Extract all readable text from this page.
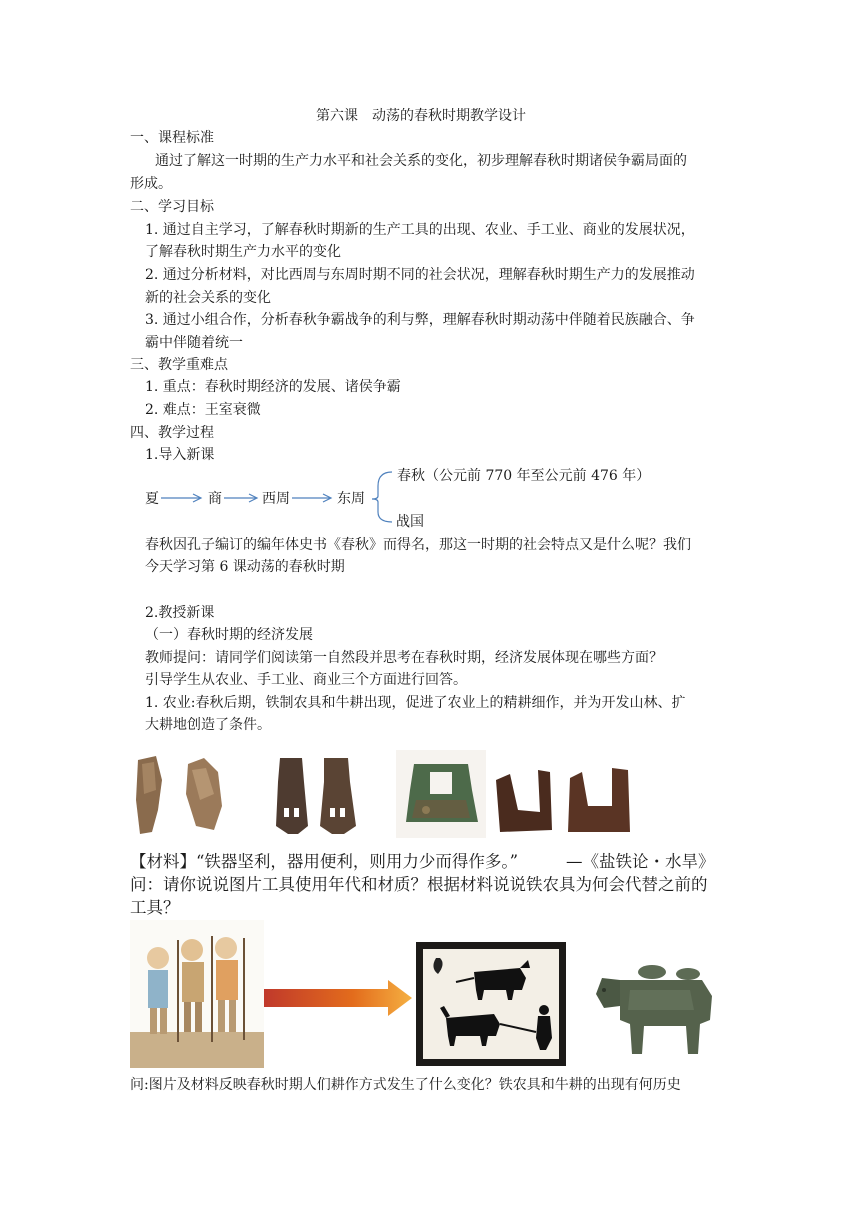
第六课　动荡的春秋时期教学设计
一、课程标准
通过了解这一时期的生产力水平和社会关系的变化，初步理解春秋时期诸侯争霸局面的
形成。
二、学习目标
1. 通过自主学习，了解春秋时期新的生产工具的出现、农业、手工业、商业的发展状况，
了解春秋时期生产力水平的变化
2. 通过分析材料，对比西周与东周时期不同的社会状况，理解春秋时期生产力的发展推动
新的社会关系的变化
3. 通过小组合作，分析春秋争霸战争的利与弊，理解春秋时期动荡中伴随着民族融合、争
霸中伴随着统一
三、教学重难点
1. 重点：春秋时期经济的发展、诸侯争霸
2. 难点：王室衰微
四、教学过程
1.导入新课
夏	商	西周	东周
春秋（公元前 770 年至公元前 476 年）
战国
春秋因孔子编订的编年体史书《春秋》而得名，那这一时期的社会特点又是什么呢？我们
今天学习第 6 课动荡的春秋时期
2.教授新课
（一）春秋时期的经济发展
教师提问：请同学们阅读第一自然段并思考在春秋时期，经济发展体现在哪些方面？
引导学生从农业、手工业、商业三个方面进行回答。
1. 农业:春秋后期，铁制农具和牛耕出现，促进了农业上的精耕细作，并为开发山林、扩
大耕地创造了条件。
【材料】“铁器坚利，器用便利，则用力少而得作多。”	—《盐铁论・水旱》
问：请你说说图片工具使用年代和材质？根据材料说说铁农具为何会代替之前的
工具？
问:图片及材料反映春秋时期人们耕作方式发生了什么变化？铁农具和牛耕的出现有何历史
